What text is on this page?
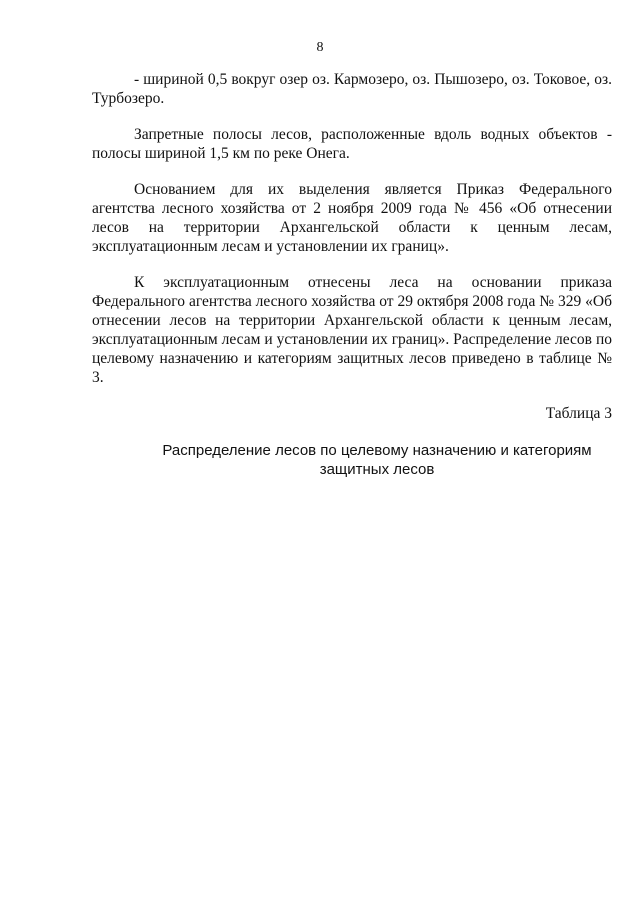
8

- шириной 0,5 вокруг озер оз. Кармозеро, оз. Пышозеро, оз. Токовое, оз. Турбозеро.

Запретные полосы лесов, расположенные вдоль водных объектов - полосы шириной 1,5 км по реке Онега.

Основанием для их выделения является Приказ Федерального агентства лесного хозяйства от 2 ноября 2009 года № 456 «Об отнесении лесов на территории Архангельской области к ценным лесам, эксплуатационным лесам и установлении их границ».

К эксплуатационным отнесены леса на основании приказа Федерального агентства лесного хозяйства от 29 октября 2008 года № 329 «Об отнесении лесов на территории Архангельской области к ценным лесам, эксплуатационным лесам и установлении их границ». Распределение лесов по целевому назначению и категориям защитных лесов приведено в таблице № 3.

Таблица 3
Распределение лесов по целевому назначению и категориям защитных лесов
